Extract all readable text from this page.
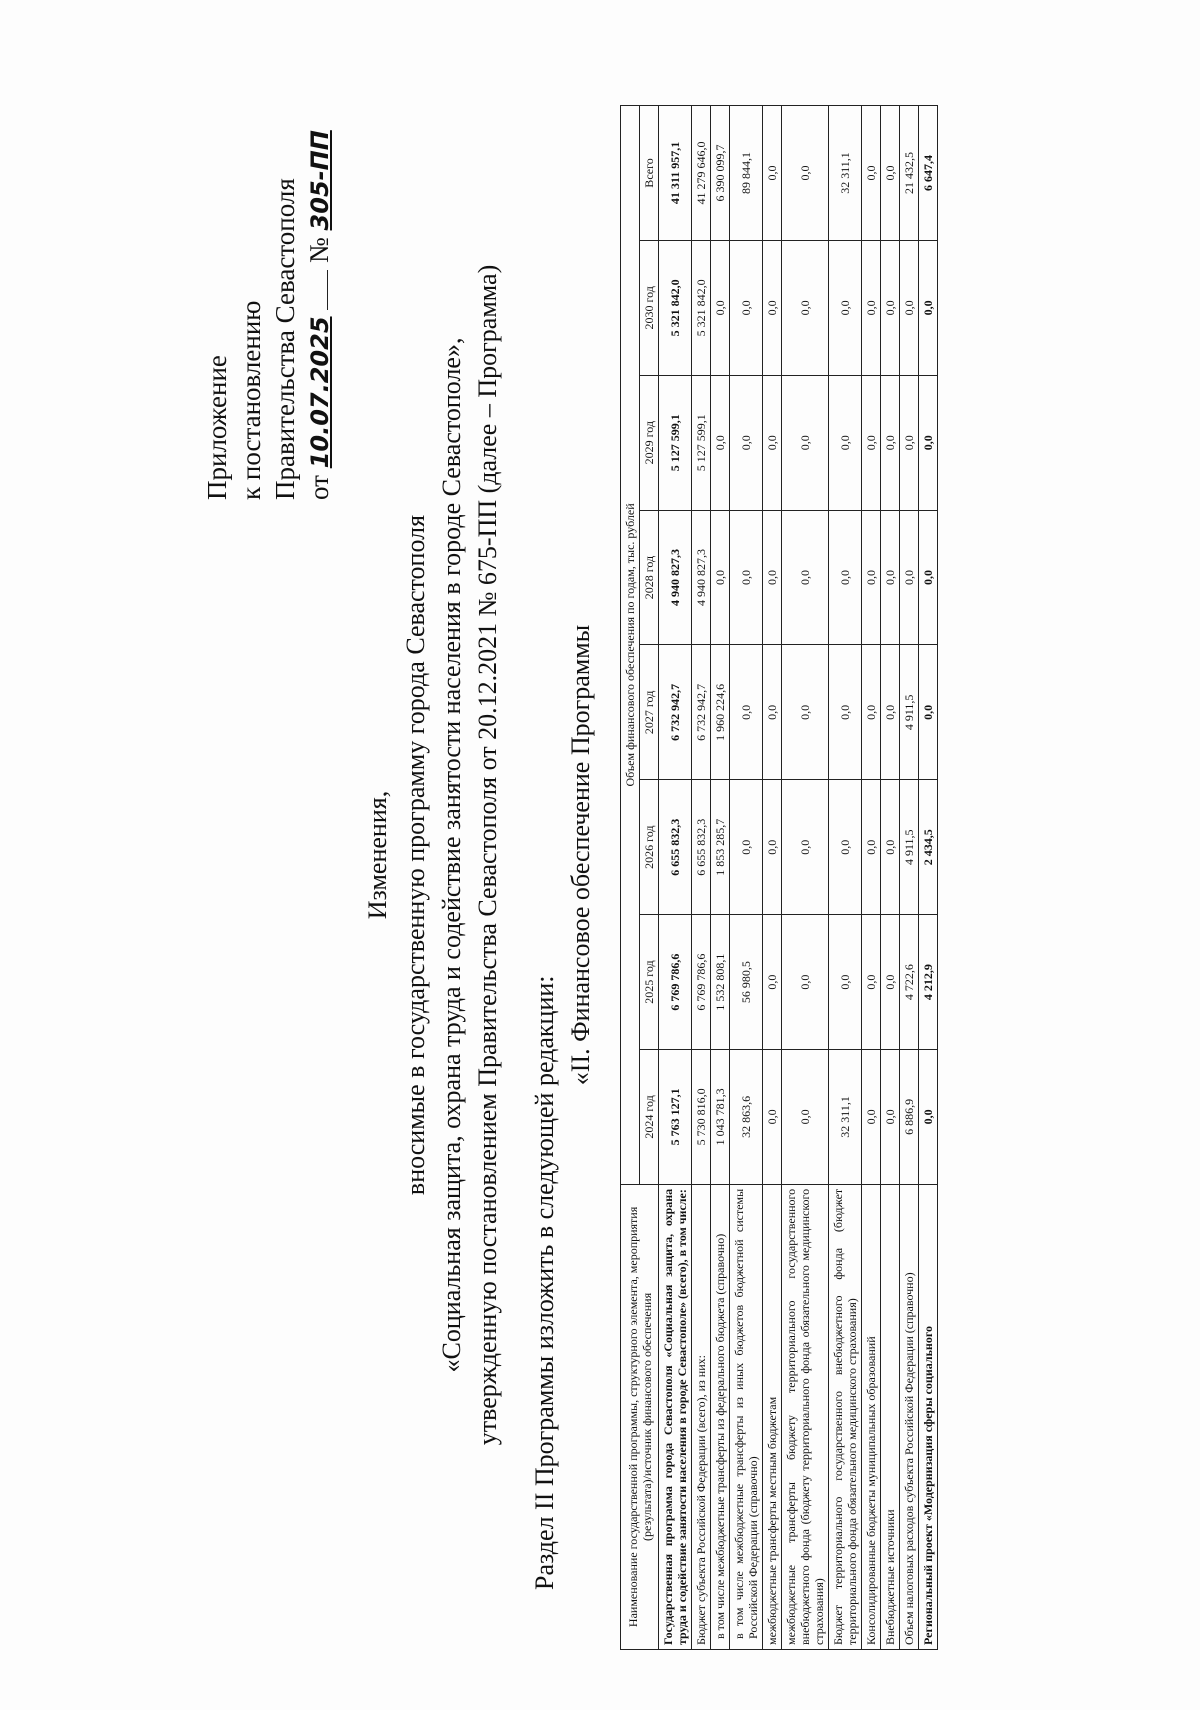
Приложение к постановлению Правительства Севастополя от 10.07.2025  № 305-ПП
Изменения, вносимые в государственную программу города Севастополя «Социальная защита, охрана труда и содействие занятости населения в городе Севастополе», утвержденную постановлением Правительства Севастополя от 20.12.2021 № 675-ПП (далее – Программа) Раздел II Программы изложить в следующей редакции:
«II. Финансовое обеспечение Программы
Наименование государственной программы, структурного элемента, мероприятия (результата)/источник финансового обеспечения	Объем финансового обеспечения по годам, тыс. рублей							
	2024 год	2025 год	2026 год	2027 год	2028 год	2029 год	2030 год	Всего
Государственная программа города Севастополя «Социальная защита, охрана труда и содействие занятости населения в городе Севастополе» (всего), в том числе:	5 763 127,1	6 769 786,6	6 655 832,3	6 732 942,7	4 940 827,3	5 127 599,1	5 321 842,0	41 311 957,1
Бюджет субъекта Российской Федерации (всего), из них:	5 730 816,0	6 769 786,6	6 655 832,3	6 732 942,7	4 940 827,3	5 127 599,1	5 321 842,0	41 279 646,0
в том числе межбюджетные трансферты из федерального бюджета (справочно)	1 043 781,3	1 532 808,1	1 853 285,7	1 960 224,6	0,0	0,0	0,0	6 390 099,7
в том числе межбюджетные трансферты из иных бюджетов бюджетной системы Российской Федерации (справочно)	32 863,6	56 980,5	0,0	0,0	0,0	0,0	0,0	89 844,1
межбюджетные трансферты местным бюджетам	0,0	0,0	0,0	0,0	0,0	0,0	0,0	0,0
межбюджетные трансферты бюджету территориального государственного внебюджетного фонда (бюджету территориального фонда обязательного медицинского страхования)	0,0	0,0	0,0	0,0	0,0	0,0	0,0	0,0
Бюджет территориального государственного внебюджетного фонда (бюджет территориального фонда обязательного медицинского страхования)	32 311,1	0,0	0,0	0,0	0,0	0,0	0,0	32 311,1
Консолидированные бюджеты муниципальных образований	0,0	0,0	0,0	0,0	0,0	0,0	0,0	0,0
Внебюджетные источники	0,0	0,0	0,0	0,0	0,0	0,0	0,0	0,0
Объем налоговых расходов субъекта Российской Федерации (справочно)	6 886,9	4 722,6	4 911,5	4 911,5	0,0	0,0	0,0	21 432,5
Региональный проект «Модернизация сферы социального	0,0	4 212,9	2 434,5	0,0	0,0	0,0	0,0	6 647,4
